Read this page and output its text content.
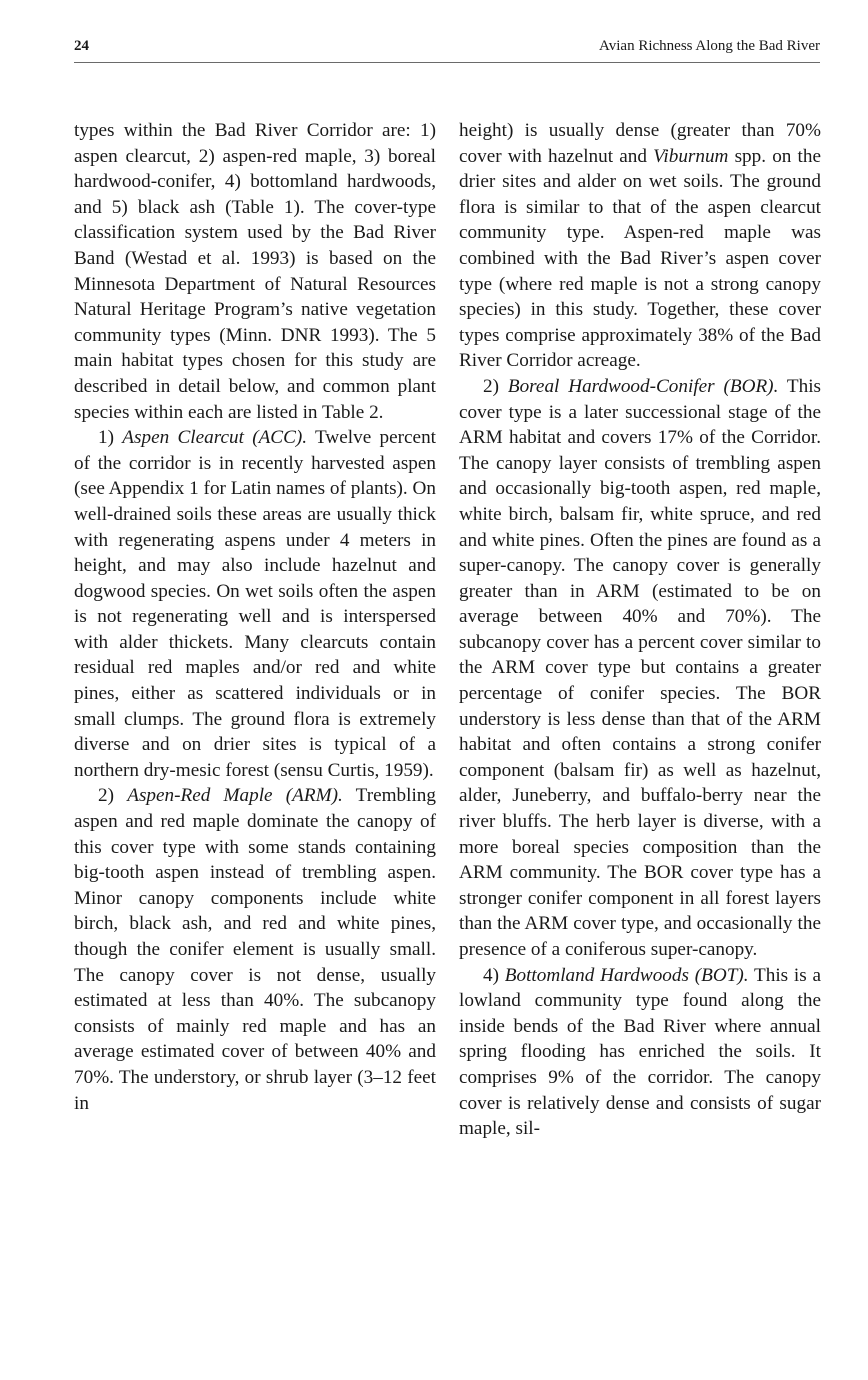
24	Avian Richness Along the Bad River

types within the Bad River Corridor are: 1) aspen clearcut, 2) aspen-red maple, 3) boreal hardwood-conifer, 4) bottomland hardwoods, and 5) black ash (Table 1). The cover-type classification system used by the Bad River Band (Westad et al. 1993) is based on the Minnesota Department of Natural Resources Natural Heritage Program’s native vegetation community types (Minn. DNR 1993). The 5 main habitat types chosen for this study are described in detail below, and common plant species within each are listed in Table 2.

1) Aspen Clearcut (ACC). Twelve percent of the corridor is in recently harvested aspen (see Appendix 1 for Latin names of plants). On well-drained soils these areas are usually thick with regenerating aspens under 4 meters in height, and may also include hazelnut and dogwood species. On wet soils often the aspen is not regenerating well and is interspersed with alder thickets. Many clearcuts contain residual red maples and/or red and white pines, either as scattered individuals or in small clumps. The ground flora is extremely diverse and on drier sites is typical of a northern dry-mesic forest (sensu Curtis, 1959).

2) Aspen-Red Maple (ARM). Trembling aspen and red maple dominate the canopy of this cover type with some stands containing big-tooth aspen instead of trembling aspen. Minor canopy components include white birch, black ash, and red and white pines, though the conifer element is usually small. The canopy cover is not dense, usually estimated at less than 40%. The subcanopy consists of mainly red maple and has an average estimated cover of between 40% and 70%. The understory, or shrub layer (3–12 feet in

height) is usually dense (greater than 70% cover with hazelnut and Viburnum spp. on the drier sites and alder on wet soils. The ground flora is similar to that of the aspen clearcut community type. Aspen-red maple was combined with the Bad River’s aspen cover type (where red maple is not a strong canopy species) in this study. Together, these cover types comprise approximately 38% of the Bad River Corridor acreage.

2) Boreal Hardwood-Conifer (BOR). This cover type is a later successional stage of the ARM habitat and covers 17% of the Corridor. The canopy layer consists of trembling aspen and occasionally big-tooth aspen, red maple, white birch, balsam fir, white spruce, and red and white pines. Often the pines are found as a super-canopy. The canopy cover is generally greater than in ARM (estimated to be on average between 40% and 70%). The subcanopy cover has a percent cover similar to the ARM cover type but contains a greater percentage of conifer species. The BOR understory is less dense than that of the ARM habitat and often contains a strong conifer component (balsam fir) as well as hazelnut, alder, Juneberry, and buffalo-berry near the river bluffs. The herb layer is diverse, with a more boreal species composition than the ARM community. The BOR cover type has a stronger conifer component in all forest layers than the ARM cover type, and occasionally the presence of a coniferous super-canopy.

4) Bottomland Hardwoods (BOT). This is a lowland community type found along the inside bends of the Bad River where annual spring flooding has enriched the soils. It comprises 9% of the corridor. The canopy cover is relatively dense and consists of sugar maple, sil-
